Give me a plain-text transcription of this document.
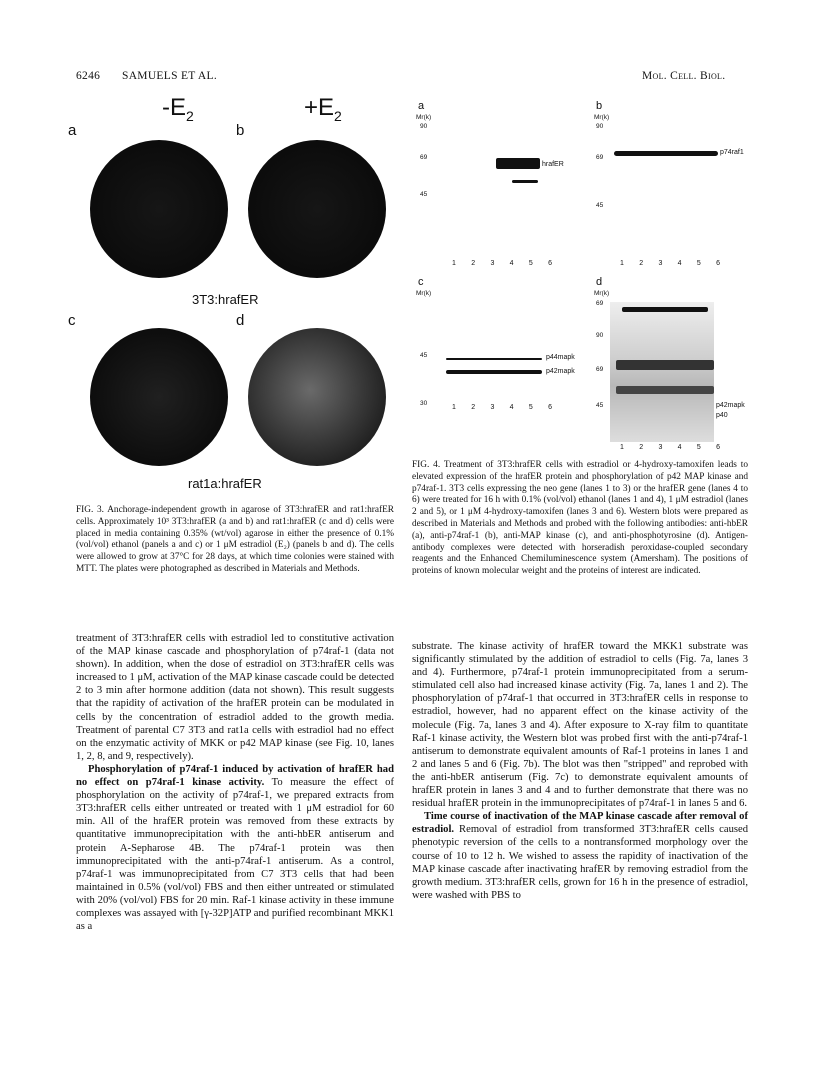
6246 SAMUELS ET AL.	Mol. Cell. Biol.
$-E_2$	$+E_2$
a	b
3T3:hrafER
c	d
rat1a:hrafER

FIG. 3. Anchorage-independent growth in agarose of 3T3:hrafER and rat1:hrafER cells. Approximately 10³ 3T3:hrafER (a and b) and rat1:hrafER (c and d) cells were placed in media containing 0.35% (wt/vol) agarose in either the presence of 0.1% (vol/vol) ethanol (panels a and c) or 1 μM estradiol (E₂) (panels b and d). The cells were allowed to grow at 37°C for 28 days, at which time colonies were stained with MTT. The plates were photographed as described in Materials and Methods.

a
Mr(k)
90
69
45
hrafER
1 2 3 4 5 6
b
Mr(k)
90
69
45
p74raf1
1 2 3 4 5 6
c
Mr(k)
45
30
p44mapk
p42mapk
1 2 3 4 5 6
d
Mr(k)
69
90
69
45	p42mapk
p40
1 2 3 4 5 6

FIG. 4. Treatment of 3T3:hrafER cells with estradiol or 4-hydroxy-tamoxifen leads to elevated expression of the hrafER protein and phosphorylation of p42 MAP kinase and p74raf-1. 3T3 cells expressing the neo gene (lanes 1 to 3) or the hrafER gene (lanes 4 to 6) were treated for 16 h with 0.1% (vol/vol) ethanol (lanes 1 and 4), 1 μM estradiol (lanes 2 and 5), or 1 μM 4-hydroxy-tamoxifen (lanes 3 and 6). Western blots were prepared as described in Materials and Methods and probed with the following antibodies: anti-hbER (a), anti-p74raf-1 (b), anti-MAP kinase (c), and anti-phosphotyrosine (d). Antigen-antibody complexes were detected with horseradish peroxidase-coupled secondary reagents and the Enhanced Chemiluminescence system (Amersham). The positions of proteins of known molecular weight and the proteins of interest are indicated.

treatment of 3T3:hrafER cells with estradiol led to constitutive activation of the MAP kinase cascade and phosphorylation of p74raf-1 (data not shown). In addition, when the dose of estradiol on 3T3:hrafER cells was increased to 1 μM, activation of the MAP kinase cascade could be detected 2 to 3 min after hormone addition (data not shown). This result suggests that the rapidity of activation of the hrafER protein can be modulated in cells by the concentration of estradiol added to the growth media. Treatment of parental C7 3T3 and rat1a cells with estradiol had no effect on the enzymatic activity of MKK or p42 MAP kinase (see Fig. 10, lanes 1, 2, 8, and 9, respectively).

Phosphorylation of p74raf-1 induced by activation of hrafER had no effect on p74raf-1 kinase activity. To measure the effect of phosphorylation on the activity of p74raf-1, we prepared extracts from 3T3:hrafER cells either untreated or treated with 1 μM estradiol for 60 min. All of the hrafER protein was removed from these extracts by quantitative immunoprecipitation with the anti-hbER antiserum and protein A-Sepharose 4B. The p74raf-1 protein was then immunoprecipitated with the anti-p74raf-1 antiserum. As a control, p74raf-1 was immunoprecipitated from C7 3T3 cells that had been maintained in 0.5% (vol/vol) FBS and then either untreated or stimulated with 20% (vol/vol) FBS for 20 min. Raf-1 kinase activity in these immune complexes was assayed with [γ-32P]ATP and purified recombinant MKK1 as a

substrate. The kinase activity of hrafER toward the MKK1 substrate was significantly stimulated by the addition of estradiol to cells (Fig. 7a, lanes 3 and 4). Furthermore, p74raf-1 protein immunoprecipitated from a serum-stimulated cell also had increased kinase activity (Fig. 7a, lanes 1 and 2). The phosphorylation of p74raf-1 that occurred in 3T3:hrafER cells in response to estradiol, however, had no apparent effect on the kinase activity of the molecule (Fig. 7a, lanes 3 and 4). After exposure to X-ray film to quantitate Raf-1 kinase activity, the Western blot was probed first with the anti-p74raf-1 antiserum to demonstrate equivalent amounts of Raf-1 proteins in lanes 1 and 2 and lanes 5 and 6 (Fig. 7b). The blot was then "stripped" and reprobed with the anti-hbER antiserum (Fig. 7c) to demonstrate equivalent amounts of hrafER protein in lanes 3 and 4 and to further demonstrate that there was no residual hrafER protein in the immunoprecipitates of p74raf-1 in lanes 5 and 6.

Time course of inactivation of the MAP kinase cascade after removal of estradiol. Removal of estradiol from transformed 3T3:hrafER cells caused phenotypic reversion of the cells to a nontransformed morphology over the course of 10 to 12 h. We wished to assess the rapidity of inactivation of the MAP kinase cascade after inactivating hrafER by removing estradiol from the growth medium. 3T3:hrafER cells, grown for 16 h in the presence of estradiol, were washed with PBS to
